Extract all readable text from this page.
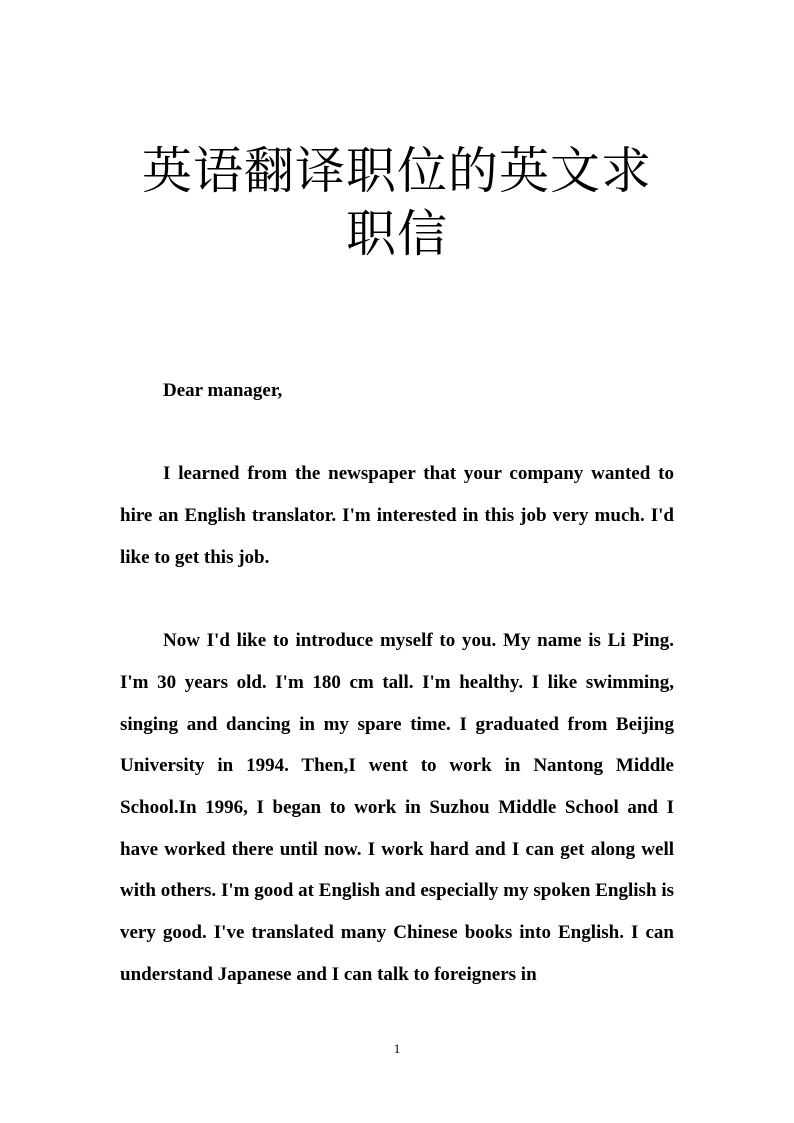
英语翻译职位的英文求职信

Dear manager,

I learned from the newspaper that your company wanted to hire an English translator. I'm interested in this job very much. I'd like to get this job.

Now I'd like to introduce myself to you. My name is Li Ping. I'm 30 years old. I'm 180 cm tall. I'm healthy. I like swimming, singing and dancing in my spare time. I graduated from Beijing University in 1994. Then,I went to work in Nantong Middle School.In 1996, I began to work in Suzhou Middle School and I have worked there until now. I work hard and I can get along well with others. I'm good at English and especially my spoken English is very good. I've translated many Chinese books into English. I can understand Japanese and I can talk to foreigners in

1
